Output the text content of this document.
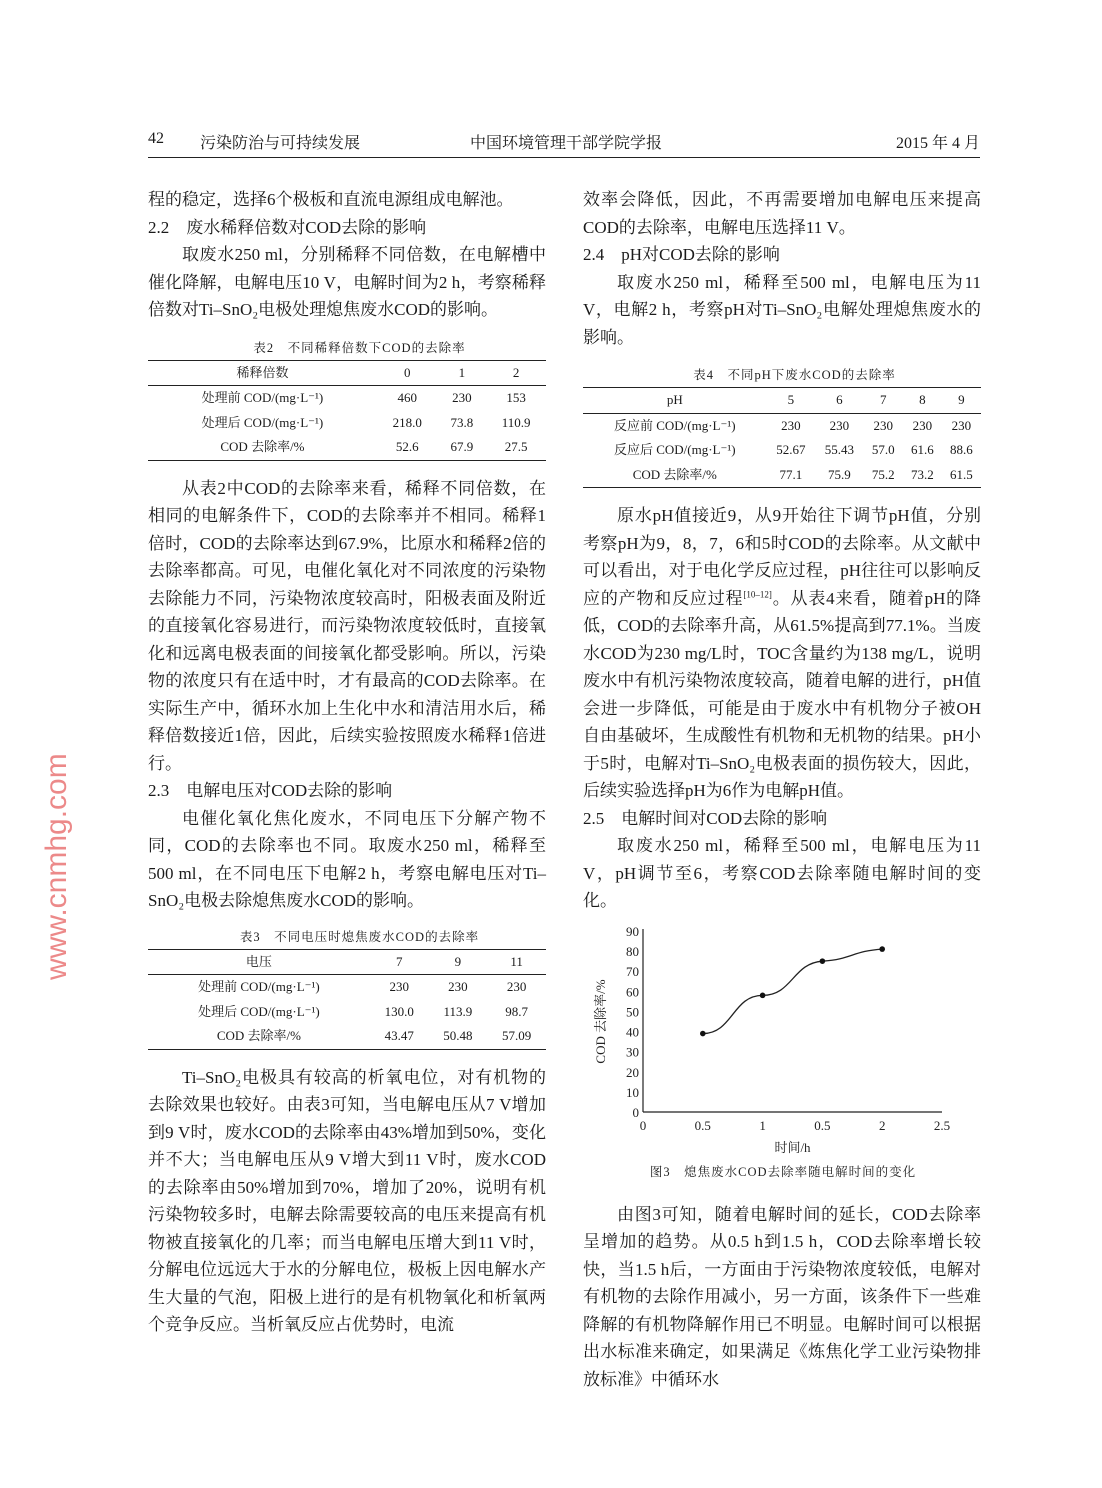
42 污染防治与可持续发展	中国环境管理干部学院学报	2015 年 4 月

程的稳定，选择6个极板和直流电源组成电解池。

2.2　废水稀释倍数对COD去除的影响

取废水250 ml，分别稀释不同倍数，在电解槽中催化降解，电解电压10 V，电解时间为2 h，考察稀释倍数对Ti–SnO₂电极处理熄焦废水COD的影响。

表2　不同稀释倍数下COD的去除率

稀释倍数	0	1	2
处理前 COD/(mg·L⁻¹)	460	230	153
处理后 COD/(mg·L⁻¹)	218.0	73.8	110.9
COD 去除率/%	52.6	67.9	27.5

从表2中COD的去除率来看，稀释不同倍数，在相同的电解条件下，COD的去除率并不相同。稀释1倍时，COD的去除率达到67.9%，比原水和稀释2倍的去除率都高。可见，电催化氧化对不同浓度的污染物去除能力不同，污染物浓度较高时，阳极表面及附近的直接氧化容易进行，而污染物浓度较低时，直接氧化和远离电极表面的间接氧化都受影响。所以，污染物的浓度只有在适中时，才有最高的COD去除率。在实际生产中，循环水加上生化中水和清洁用水后，稀释倍数接近1倍，因此，后续实验按照废水稀释1倍进行。

2.3　电解电压对COD去除的影响

电催化氧化焦化废水，不同电压下分解产物不同，COD的去除率也不同。取废水250 ml，稀释至500 ml，在不同电压下电解2 h，考察电解电压对Ti–SnO₂电极去除熄焦废水COD的影响。

表3　不同电压时熄焦废水COD的去除率

电压	7	9	11
处理前 COD/(mg·L⁻¹)	230	230	230
处理后 COD/(mg·L⁻¹)	130.0	113.9	98.7
COD 去除率/%	43.47	50.48	57.09

Ti–SnO₂电极具有较高的析氧电位，对有机物的去除效果也较好。由表3可知，当电解电压从7 V增加到9 V时，废水COD的去除率由43%增加到50%，变化并不大；当电解电压从9 V增大到11 V时，废水COD的去除率由50%增加到70%，增加了20%，说明有机污染物较多时，电解去除需要较高的电压来提高有机物被直接氧化的几率；而当电解电压增大到11 V时，分解电位远远大于水的分解电位，极板上因电解水产生大量的气泡，阳极上进行的是有机物氧化和析氧两个竞争反应。当析氧反应占优势时，电流

效率会降低，因此，不再需要增加电解电压来提高COD的去除率，电解电压选择11 V。

2.4　pH对COD去除的影响

取废水250 ml，稀释至500 ml，电解电压为11 V，电解2 h，考察pH对Ti–SnO₂电解处理熄焦废水的影响。

表4　不同pH下废水COD的去除率

pH	5	6	7	8	9
反应前 COD/(mg·L⁻¹)	230	230	230	230	230
反应后 COD/(mg·L⁻¹)	52.67	55.43	57.0	61.6	88.6
COD 去除率/%	77.1	75.9	75.2	73.2	61.5

原水pH值接近9，从9开始往下调节pH值，分别考察pH为9，8，7，6和5时COD的去除率。从文献中可以看出，对于电化学反应过程，pH往往可以影响反应的产物和反应过程[10–12]。从表4来看，随着pH的降低，COD的去除率升高，从61.5%提高到77.1%。当废水COD为230 mg/L时，TOC含量约为138 mg/L，说明废水中有机污染物浓度较高，随着电解的进行，pH值会进一步降低，可能是由于废水中有机物分子被OH自由基破坏，生成酸性有机物和无机物的结果。pH小于5时，电解对Ti–SnO₂电极表面的损伤较大，因此，后续实验选择pH为6作为电解pH值。

2.5　电解时间对COD去除的影响

取废水250 ml，稀释至500 ml，电解电压为11 V，pH调节至6，考察COD去除率随电解时间的变化。

0
10
20
30
40
50
60
70
80
90
0	0.5	1	0.5	2	2.5
时间/h
COD 去除率/%
图3　熄焦废水COD去除率随电解时间的变化

由图3可知，随着电解时间的延长，COD去除率呈增加的趋势。从0.5 h到1.5 h，COD去除率增长较快，当1.5 h后，一方面由于污染物浓度较低，电解对有机物的去除作用减小，另一方面，该条件下一些难降解的有机物降解作用已不明显。电解时间可以根据出水标准来确定，如果满足《炼焦化学工业污染物排放标准》中循环水

www.cnmhg.com
